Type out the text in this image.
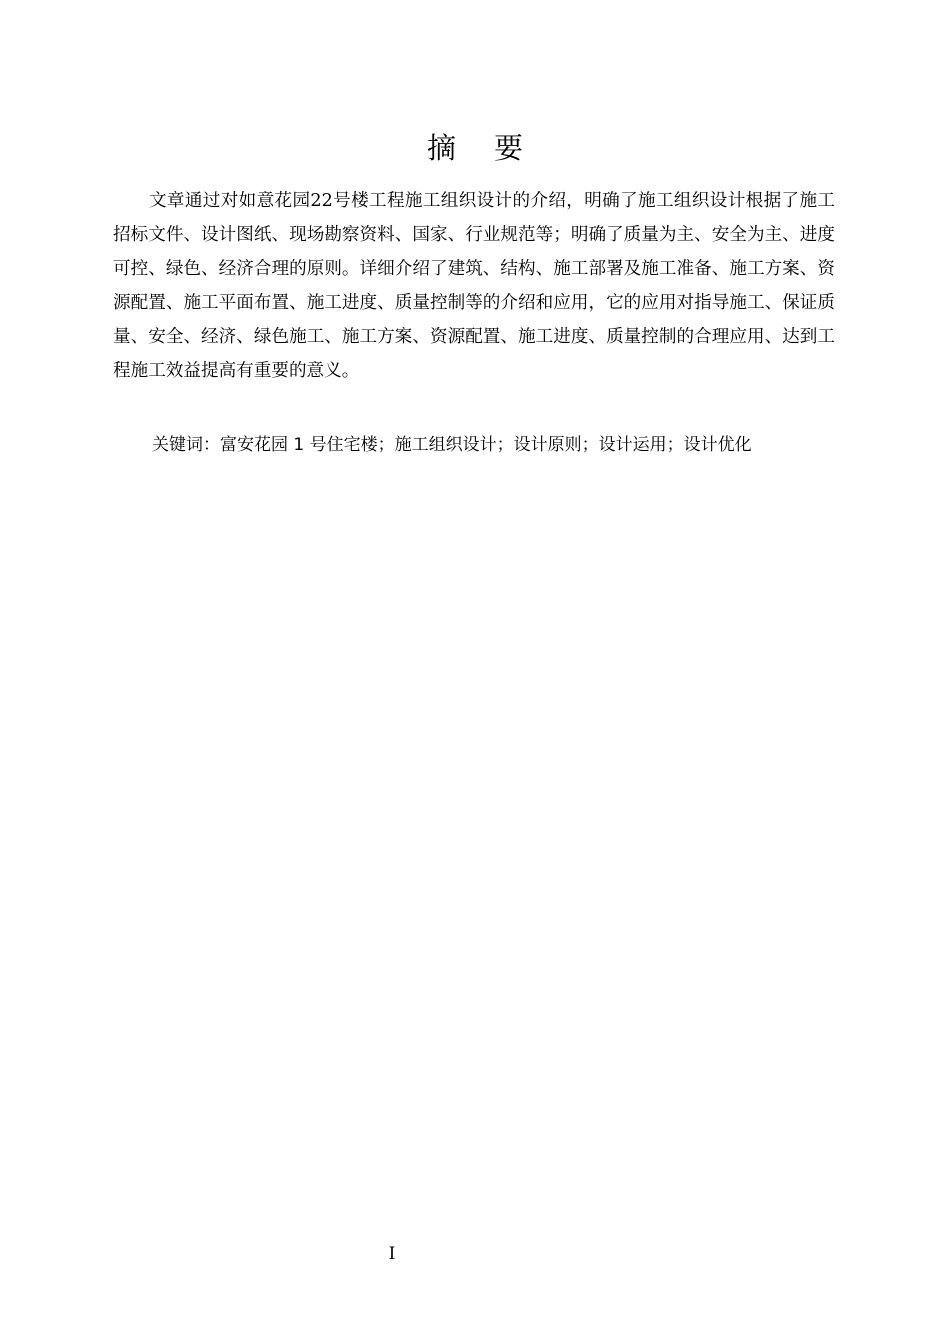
摘 要

文章通过对如意花园22号楼工程施工组织设计的介绍，明确了施工组织设计根据了施工招标文件、设计图纸、现场勘察资料、国家、行业规范等；明确了质量为主、安全为主、进度可控、绿色、经济合理的原则。详细介绍了建筑、结构、施工部署及施工准备、施工方案、资源配置、施工平面布置、施工进度、质量控制等的介绍和应用，它的应用对指导施工、保证质量、安全、经济、绿色施工、施工方案、资源配置、施工进度、质量控制的合理应用、达到工程施工效益提高有重要的意义。

关键词：富安花园 1 号住宅楼；施工组织设计；设计原则；设计运用；设计优化
I
